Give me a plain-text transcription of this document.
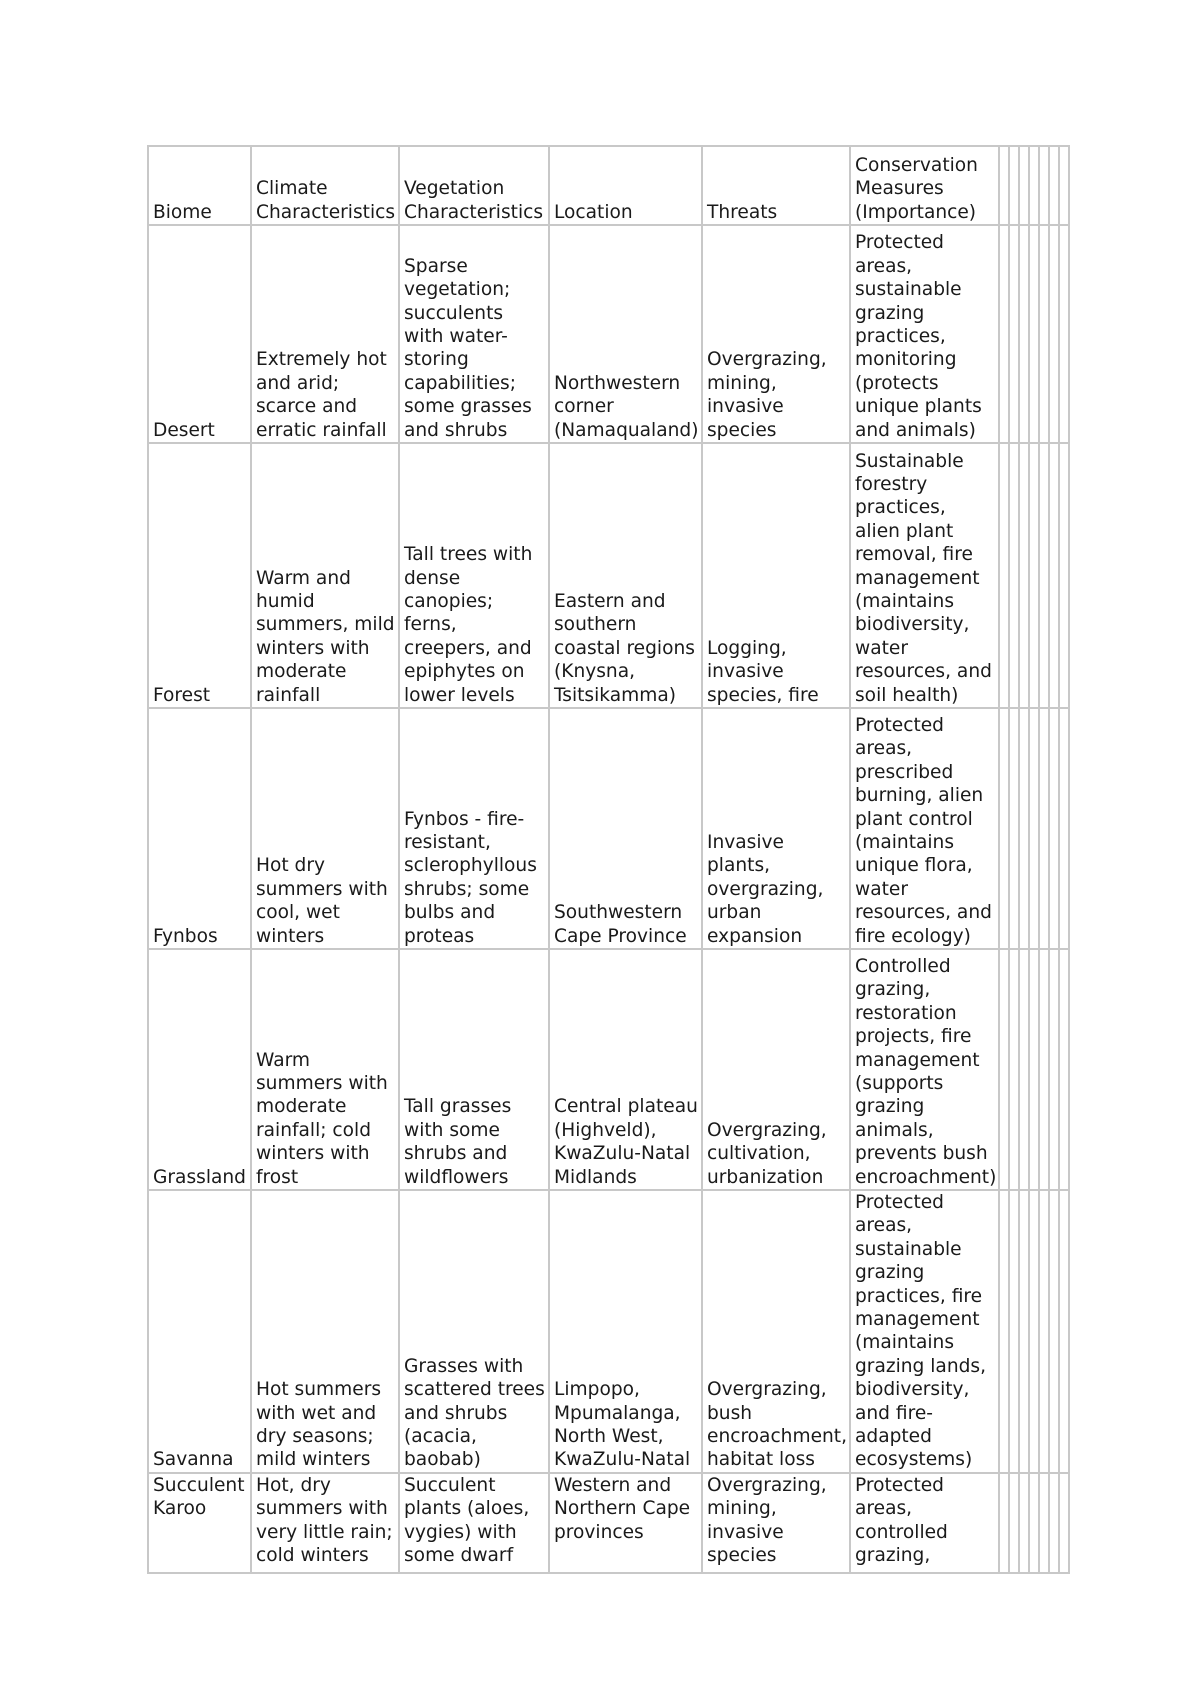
Biome	Climate Characteristics	Vegetation Characteristics	Location	Threats	Conservation Measures (Importance)							
Desert	Extremely hot and arid; scarce and erratic rainfall	Sparse vegetation; succulents with water-storing capabilities; some grasses and shrubs	Northwestern corner (Namaqualand)	Overgrazing, mining, invasive species	Protected areas, sustainable grazing practices, monitoring (protects unique plants and animals)							
Forest	Warm and humid summers, mild winters with moderate rainfall	Tall trees with dense canopies; ferns, creepers, and epiphytes on lower levels	Eastern and southern coastal regions (Knysna, Tsitsikamma)	Logging, invasive species, fire	Sustainable forestry practices, alien plant removal, fire management (maintains biodiversity, water resources, and soil health)							
Fynbos	Hot dry summers with cool, wet winters	Fynbos - fire-resistant, sclerophyllous shrubs; some bulbs and proteas	Southwestern Cape Province	Invasive plants, overgrazing, urban expansion	Protected areas, prescribed burning, alien plant control (maintains unique flora, water resources, and fire ecology)							
Grassland	Warm summers with moderate rainfall; cold winters with frost	Tall grasses with some shrubs and wildflowers	Central plateau (Highveld), KwaZulu-Natal Midlands	Overgrazing, cultivation, urbanization	Controlled grazing, restoration projects, fire management (supports grazing animals, prevents bush encroachment)							
Savanna	Hot summers with wet and dry seasons; mild winters	Grasses with scattered trees and shrubs (acacia, baobab)	Limpopo, Mpumalanga, North West, KwaZulu-Natal	Overgrazing, bush encroachment, habitat loss	Protected areas, sustainable grazing practices, fire management (maintains grazing lands, biodiversity, and fire-adapted ecosystems)							
Succulent Karoo	Hot, dry summers with very little rain; cold winters	Succulent plants (aloes, vygies) with some dwarf	Western and Northern Cape provinces	Overgrazing, mining, invasive species	Protected areas, controlled grazing,							
